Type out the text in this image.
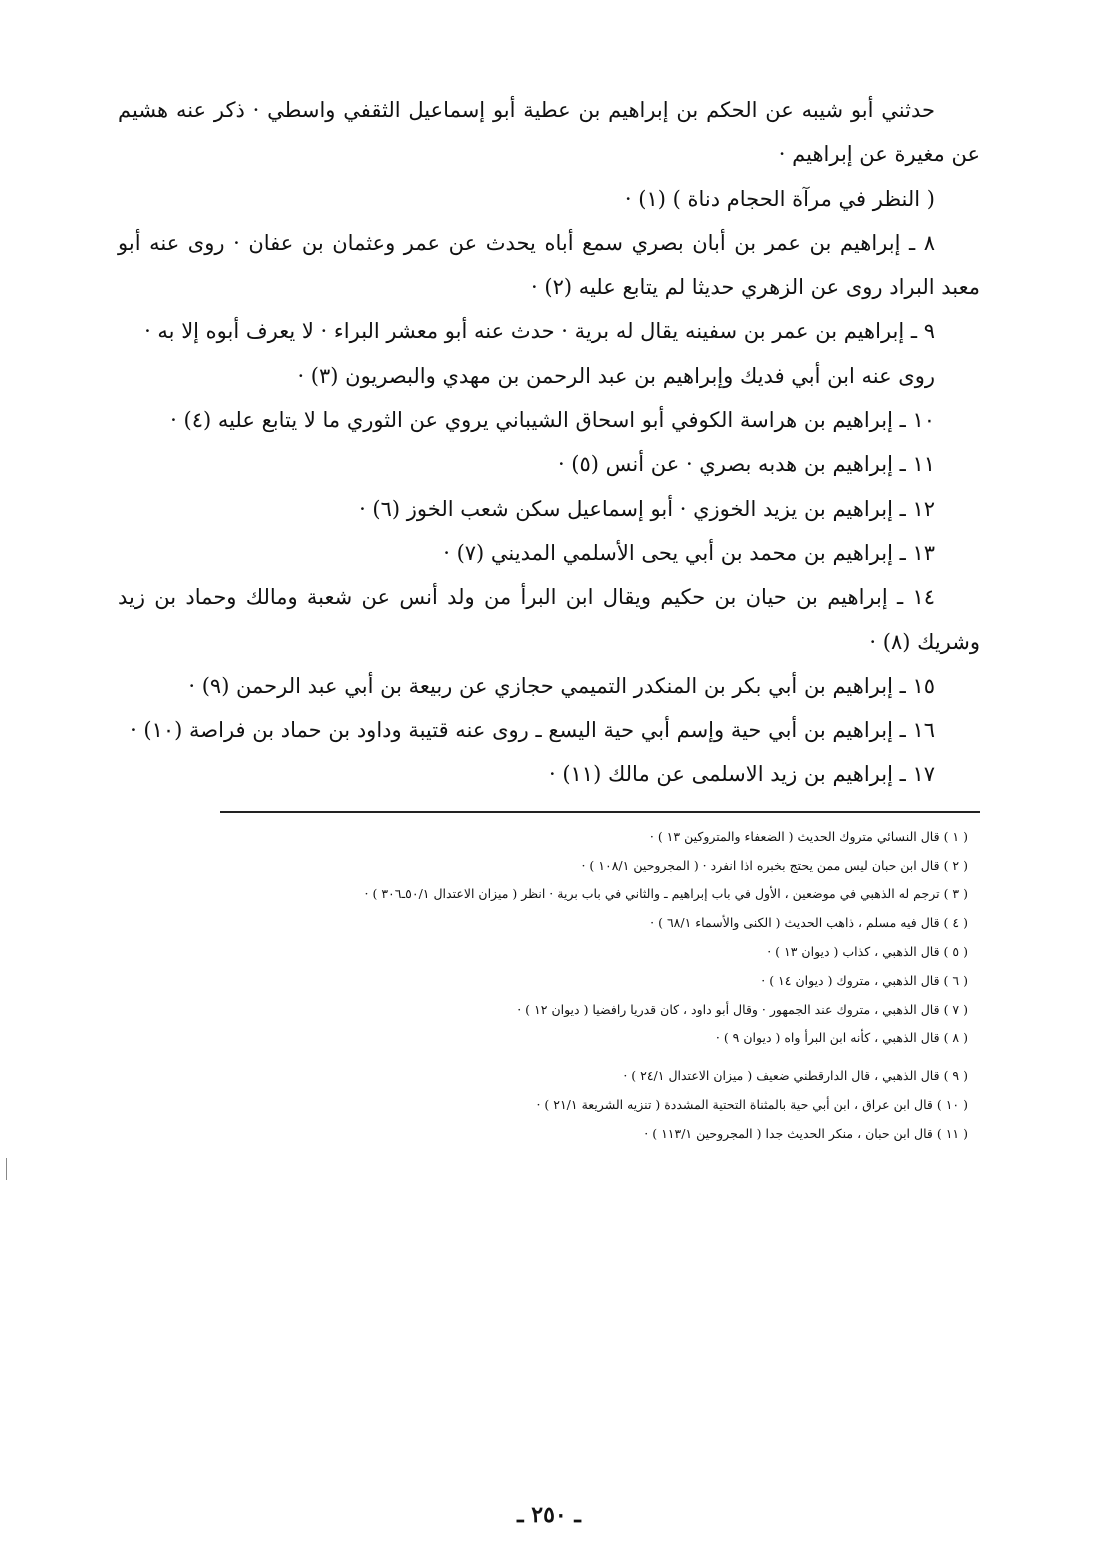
حدثني أبو شيبه عن الحكم بن إبراهيم بن عطية أبو إسماعيل الثقفي واسطي · ذكر عنه هشيم عن مغيرة عن إبراهيم ·

( النظر في مرآة الحجام دناة ) (١) ·

٨ ـ إبراهيم بن عمر بن أبان بصري سمع أباه يحدث عن عمر وعثمان بن عفان · روى عنه أبو معبد البراد روى عن الزهري حديثا لم يتابع عليه (٢) ·

٩ ـ إبراهيم بن عمر بن سفينه يقال له برية · حدث عنه أبو معشر البراء · لا يعرف أبوه إلا به ·

روى عنه ابن أبي فديك وإبراهيم بن عبد الرحمن بن مهدي والبصريون (٣) ·

١٠ ـ إبراهيم بن هراسة الكوفي أبو اسحاق الشيباني يروي عن الثوري ما لا يتابع عليه (٤) ·

١١ ـ إبراهيم بن هدبه بصري · عن أنس (٥) ·

١٢ ـ إبراهيم بن يزيد الخوزي · أبو إسماعيل سكن شعب الخوز (٦) ·

١٣ ـ إبراهيم بن محمد بن أبي يحى الأسلمي المديني (٧) ·

١٤ ـ إبراهيم بن حيان بن حكيم ويقال ابن البرأ من ولد أنس عن شعبة ومالك وحماد بن زيد وشريك (٨) ·

١٥ ـ إبراهيم بن أبي بكر بن المنكدر التميمي حجازي عن ربيعة بن أبي عبد الرحمن (٩) ·

١٦ ـ إبراهيم بن أبي حية وإسم أبي حية اليسع ـ روى عنه قتيبة وداود بن حماد بن فراصة (١٠) ·

١٧ ـ إبراهيم بن زيد الاسلمى عن مالك (١١) ·

( ١ ) قال النسائي متروك الحديث ( الضعفاء والمتروكين ١٣ ) ·

( ٢ ) قال ابن حبان ليس ممن يحتج بخبره اذا انفرد · ( المجروحين ١٠٨/١ ) ·

( ٣ ) ترجم له الذهبي في موضعين ، الأول في باب إبراهيم ـ والثاني في باب برية · انظر ( ميزان الاعتدال ٥٠/١ـ٣٠٦ ) ·

( ٤ ) قال فيه مسلم ، ذاهب الحديث ( الكنى والأسماء ٦٨/١ ) ·

( ٥ ) قال الذهبي ، كذاب ( ديوان ١٣ ) ·

( ٦ ) قال الذهبي ، متروك ( ديوان ١٤ ) ·

( ٧ ) قال الذهبي ، متروك عند الجمهور · وقال أبو داود ، كان قدريا رافضيا ( ديوان ١٢ ) ·

( ٨ ) قال الذهبي ، كأنه ابن البرأ واه ( ديوان ٩ ) ·

( ٩ ) قال الذهبي ، قال الدارقطني ضعيف ( ميزان الاعتدال ٢٤/١ ) ·

( ١٠ ) قال ابن عراق ، ابن أبي حية بالمثناة التحتية المشددة ( تنزيه الشريعة ٢١/١ ) ·

( ١١ ) قال ابن حبان ، منكر الحديث جدا ( المجروحين ١١٣/١ ) ·

ـ ٢٥٠ ـ
